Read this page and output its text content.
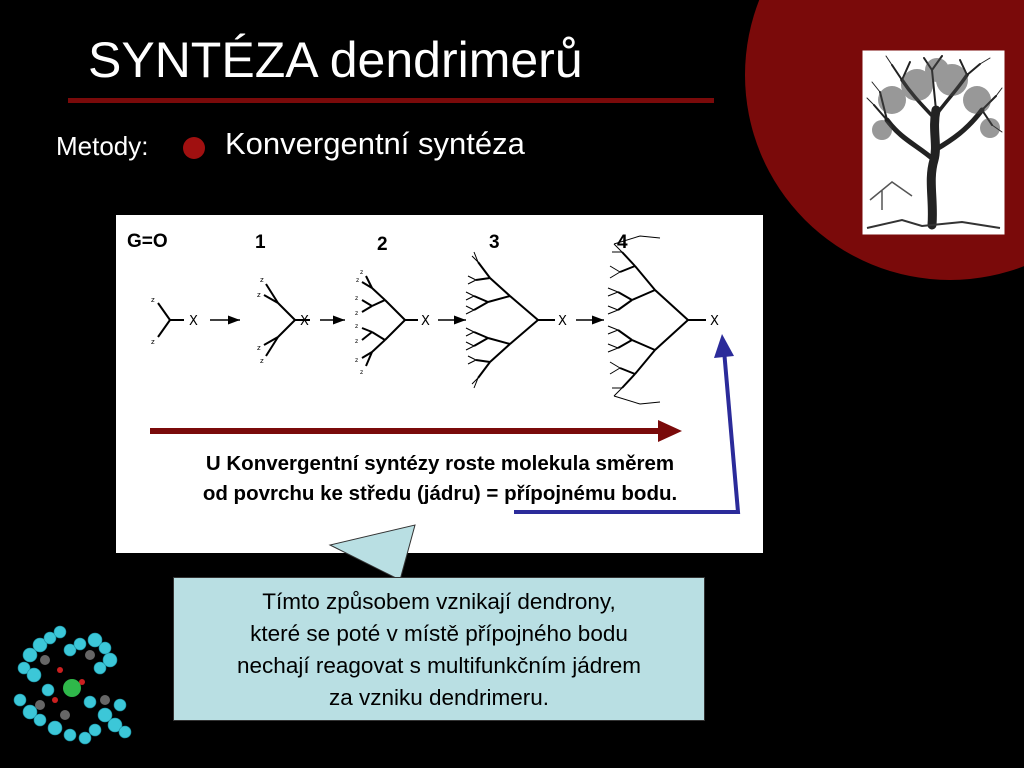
SYNTÉZA dendrimerů
Metody: Konvergentní syntéza
z
z
z
z
z
z
z
z
z
z
z
z
z
z
X	X	X	X	X
G=O	1	2	3	4
U Konvergentní syntézy roste molekula směrem
od povrchu ke středu (jádru) = přípojnému bodu.
Tímto způsobem vznikají dendrony,
které se poté v místě přípojného bodu
nechají reagovat s multifunkčním jádrem
za vzniku dendrimeru.
